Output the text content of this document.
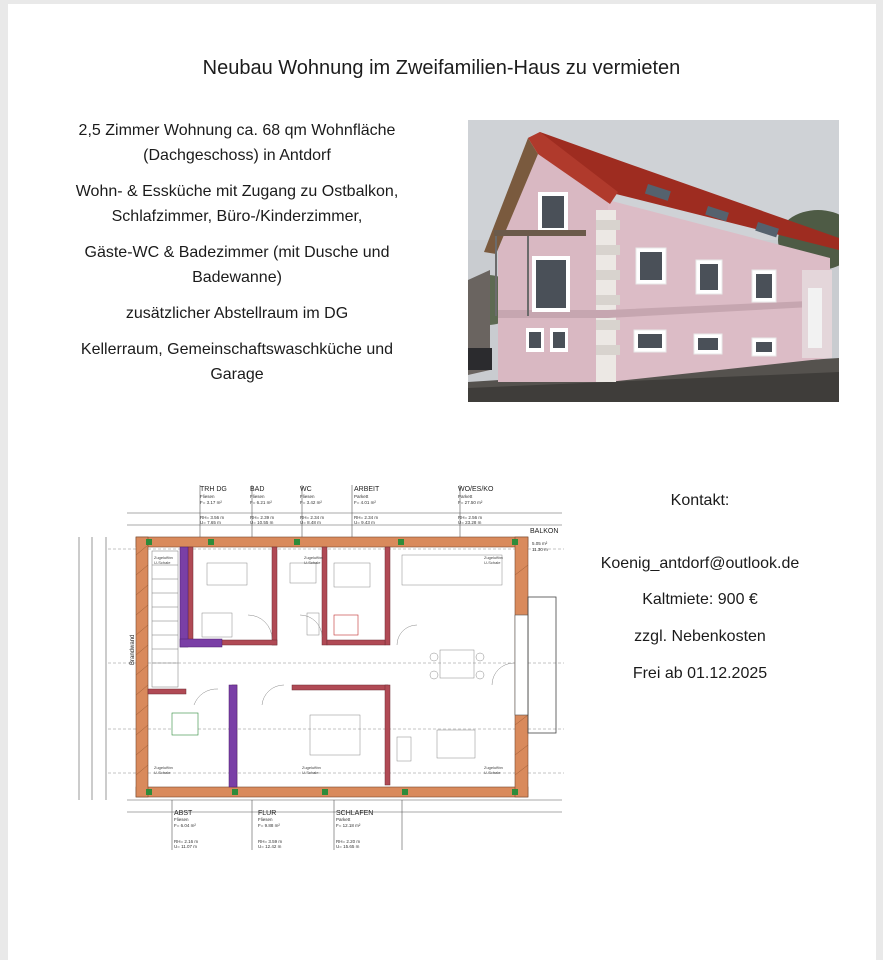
Neubau Wohnung im Zweifamilien-Haus zu vermieten

2,5 Zimmer Wohnung ca. 68 qm Wohnfläche
(Dachgeschoss) in Antdorf

Wohn- & Essküche mit Zugang zu Ostbalkon,
Schlafzimmer, Büro-/Kinderzimmer,

Gäste-WC & Badezimmer (mit Dusche und
Badewanne)

zusätzlicher Abstellraum im DG

Kellerraum, Gemeinschaftswaschküche und
Garage

TRH DG
Fliesen
F= 3.17 m²
RH= 3.56 m
U= 7.65 m
BAD
Fliesen
F= 6.21 m²
RH= 2.39 m
U= 10.55 m
WC
Fliesen
F= 3.42 m²
RH= 2.34 m
U= 8.48 m
ARBEIT
Parkett
F= 4.01 m²
RH= 2.34 m
U= 9.43 m
WO/ES/KO
Parkett
F= 27.50 m²
RH= 2.56 m
U= 23.28 m
BALKON
5.05 m²
11.30 m
Brandwand
Zugeluftbn
U-Schale
Zugeluftbn
U-Schale
Zugeluftbn
U-Schale
Zugeluftbn
U-Schale
Zugeluftbn
U-Schale
Zugeluftbn
U-Schale
ABST
Fliesen
F= 6.04 m²
RH= 2.16 m
U= 11.07 m
FLUR
Fliesen
F= 9.88 m²
RH= 3.59 m
U= 12.42 m
SCHLAFEN
Parkett
F= 12.18 m²
RH= 2.20 m
U= 15.65 m
Kontakt:
Koenig_antdorf@outlook.de
Kaltmiete: 900 €
zzgl. Nebenkosten
Frei ab 01.12.2025
